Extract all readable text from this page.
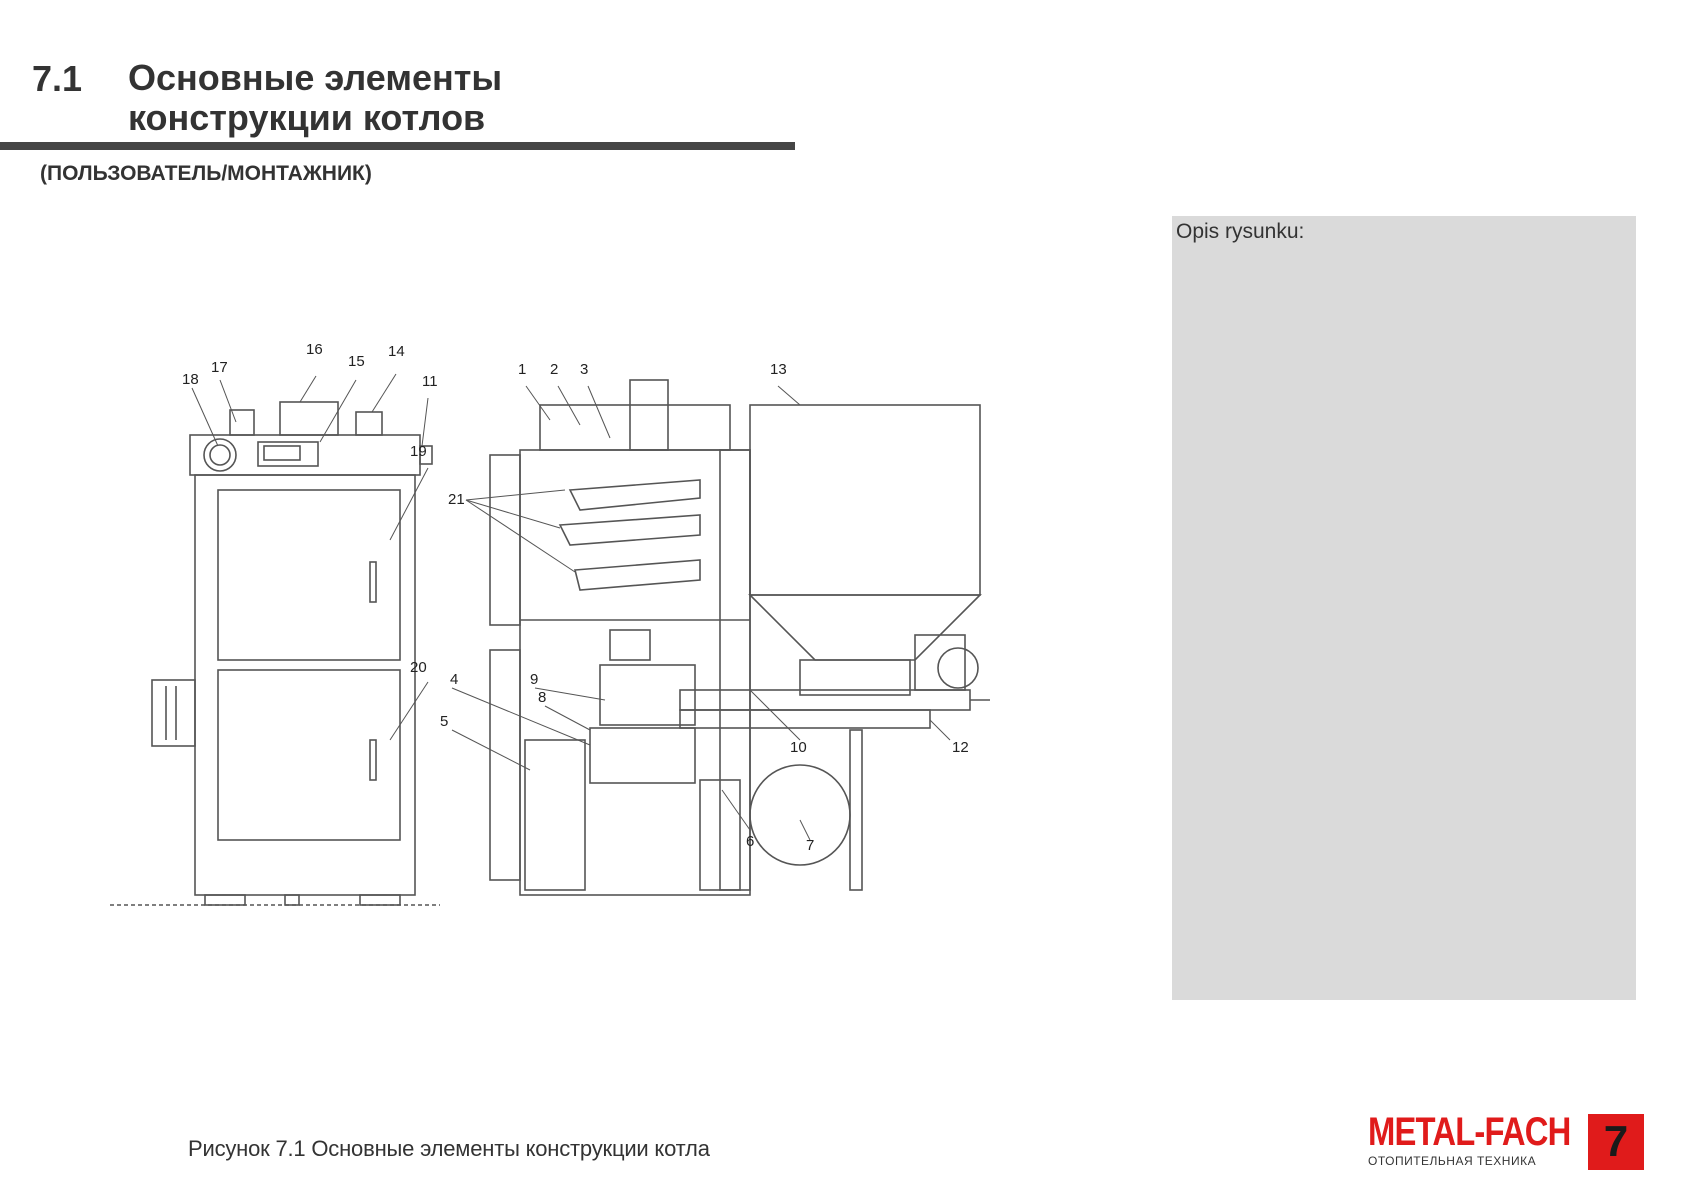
7.1 Основные элементы
конструкции котлов
(ПОЛЬЗОВАТЕЛЬ/МОНТАЖНИК)
Opis rysunku:
18
17
16
15
14
11
19
20
1 2 3
21
4
5
9
8
13
10	12
6	7
Рисунок 7.1 Основные элементы конструкции котла	METAL-FACH
ОТОПИТЕЛЬНАЯ ТЕХНИКА	7
